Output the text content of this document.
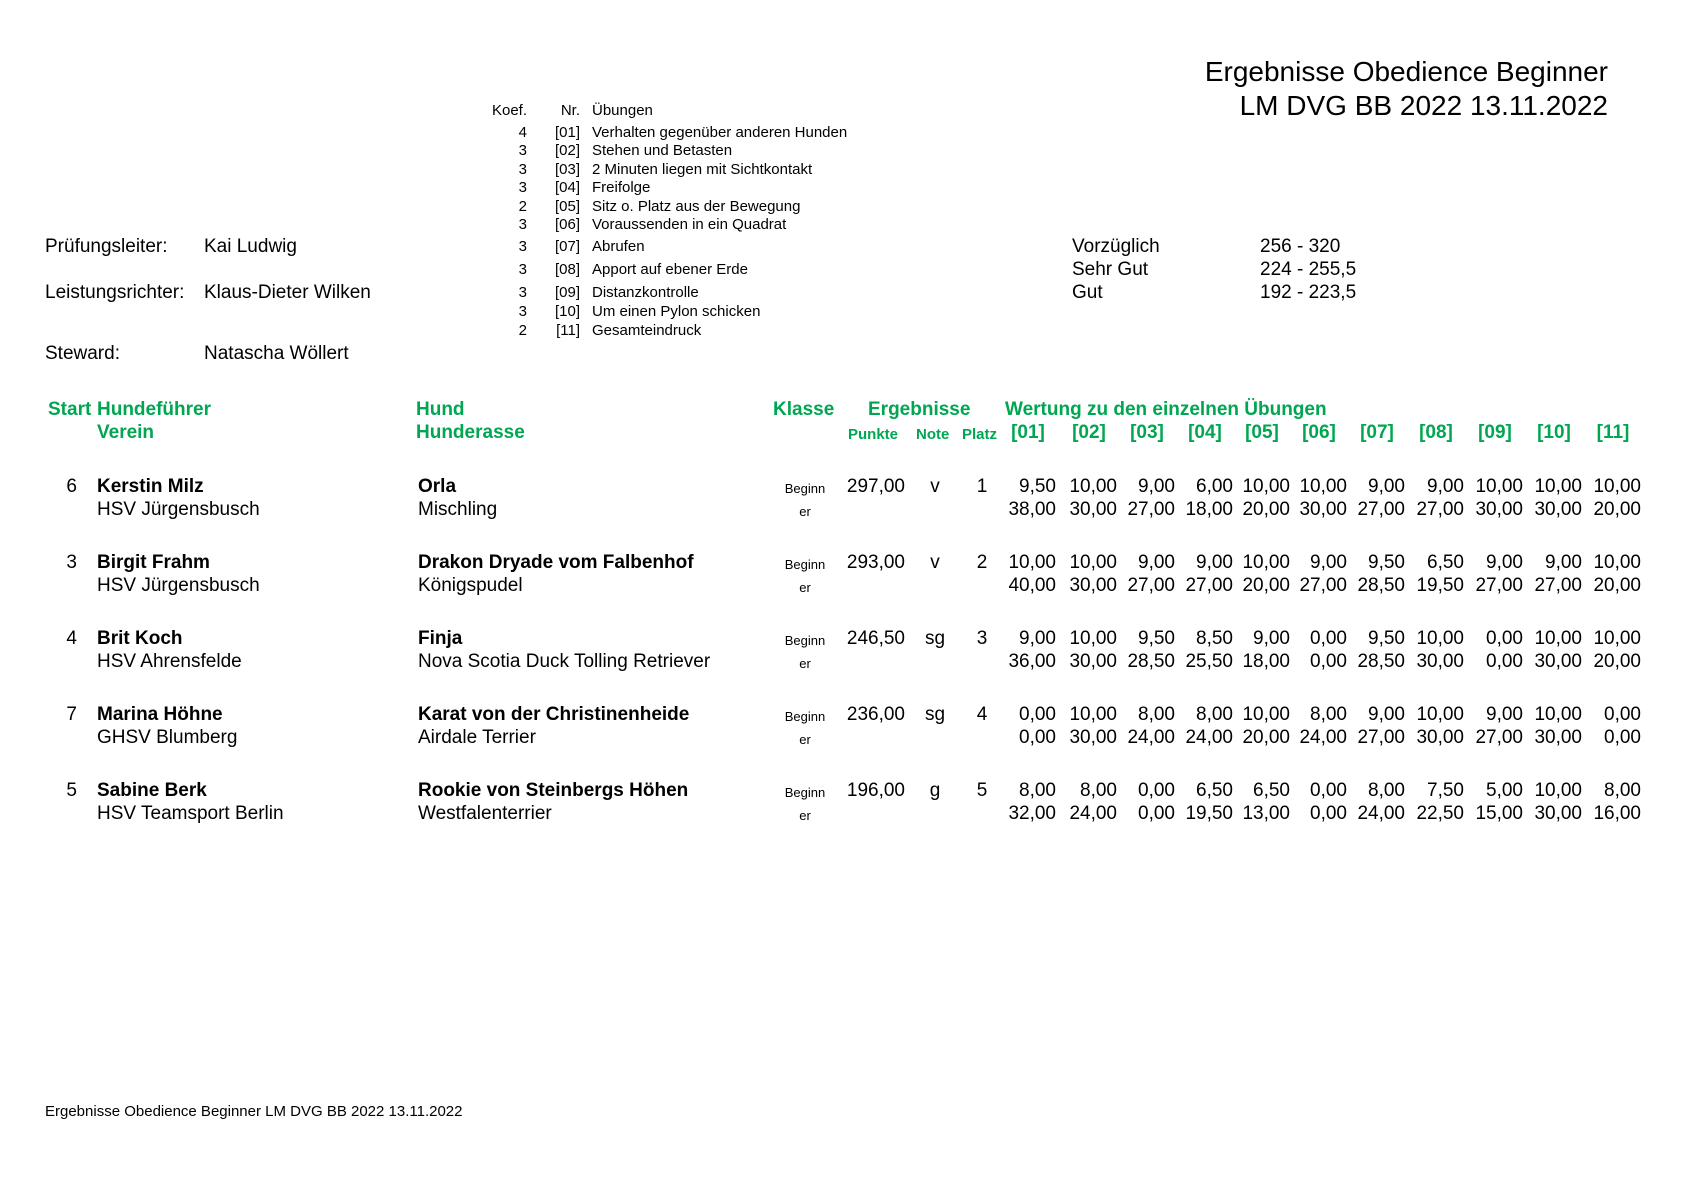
Ergebnisse Obedience Beginner
LM DVG BB 2022 13.11.2022
Koef.	Nr. Übungen
4	[01] Verhalten gegenüber anderen Hunden
3	[02] Stehen und Betasten
3	[03] 2 Minuten liegen mit Sichtkontakt
3	[04] Freifolge
2	[05] Sitz o. Platz aus der Bewegung
3	[06] Voraussenden in ein Quadrat
3	[07] Abrufen
3	[08] Apport auf ebener Erde
3	[09] Distanzkontrolle
3	[10] Um einen Pylon schicken
2	[11] Gesamteindruck
Prüfungsleiter: Kai Ludwig
Leistungsrichter: Klaus-Dieter Wilken
Steward:	Natascha Wöllert
Vorzüglich	256 - 320
Sehr Gut	224 - 255,5
Gut	192 - 223,5
Start Hundeführer
Verein
Hund
Hunderasse
Klasse Ergebnisse
Punkte Note Platz
Wertung zu den einzelnen Übungen
[01]	[02]	[03]	[04]	[05]	[06]	[07]	[08]	[09]	[10]	[11]
6 Kerstin Milz
HSV Jürgensbusch
Orla
Mischling
Beginn
er
297,00	v	1	9,50 10,00	9,00	6,00 10,00 10,00	9,00	9,00 10,00 10,00 10,00
38,00 30,00 27,00 18,00 20,00 30,00 27,00 27,00 30,00 30,00 20,00
3 Birgit Frahm
HSV Jürgensbusch
Drakon Dryade vom Falbenhof
Königspudel
Beginn
er
293,00	v	2	10,00 10,00	9,00	9,00 10,00	9,00	9,50	6,50	9,00	9,00 10,00
40,00 30,00 27,00 27,00 20,00 27,00 28,50 19,50 27,00 27,00 20,00
4 Brit Koch
HSV Ahrensfelde
Finja
Nova Scotia Duck Tolling Retriever
Beginn
er
246,50	sg	3	9,00 10,00	9,50	8,50	9,00	0,00	9,50 10,00	0,00 10,00 10,00
36,00 30,00 28,50 25,50 18,00	0,00 28,50 30,00	0,00 30,00 20,00
7 Marina Höhne
GHSV Blumberg
Karat von der Christinenheide
Airdale Terrier
Beginn
er
236,00	sg	4	0,00 10,00	8,00	8,00 10,00	8,00	9,00 10,00	9,00 10,00	0,00
0,00 30,00 24,00 24,00 20,00 24,00 27,00 30,00 27,00 30,00	0,00
5 Sabine Berk
HSV Teamsport Berlin
Rookie von Steinbergs Höhen
Westfalenterrier
Beginn
er
196,00	g	5	8,00	8,00	0,00	6,50	6,50	0,00	8,00	7,50	5,00 10,00	8,00
32,00 24,00	0,00 19,50 13,00	0,00 24,00 22,50 15,00 30,00 16,00
Ergebnisse Obedience Beginner LM DVG BB 2022 13.11.2022
